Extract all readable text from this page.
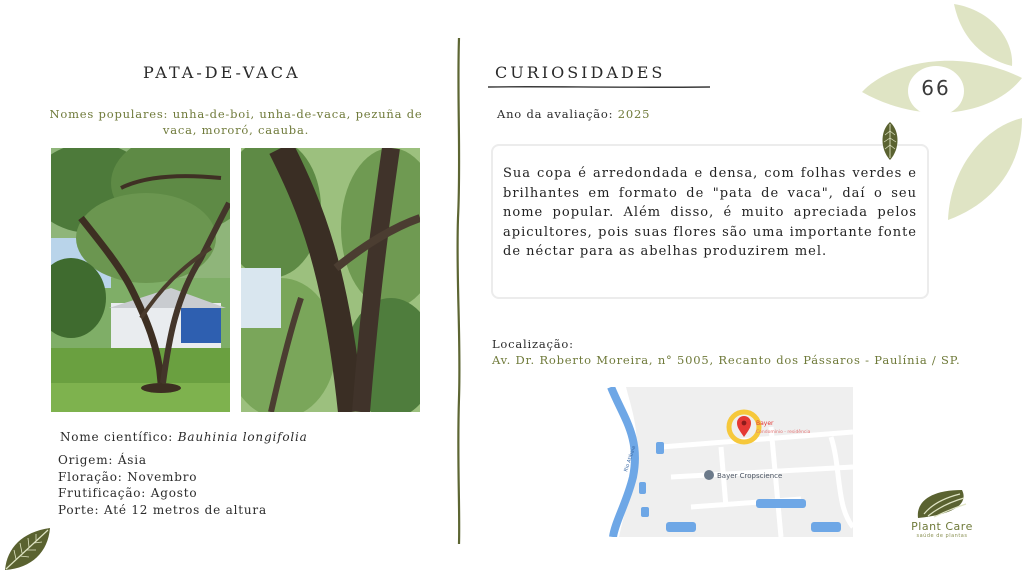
PATA-DE-VACA
Nomes populares: unha-de-boi, unha-de-vaca, pezuña de vaca, mororó, caauba.
Nome científico: Bauhinia longifolia
Origem: Ásia
Floração: Novembro
Frutificação: Agosto
Porte: Até 12 metros de altura
CURIOSIDADES
Ano da avaliação: 2025
Sua copa é arredondada e densa, com folhas verdes e brilhantes em formato de "pata de vaca", daí o seu nome popular. Além disso, é muito apreciada pelos apicultores, pois suas flores são uma importante fonte de néctar para as abelhas produzirem mel.
Localização:
Av. Dr. Roberto Moreira, n° 5005, Recanto dos Pássaros - Paulínia / SP.
Bayer
Condomínio - residência
Bayer Cropscience
Rio Atibaia
66
Plant Care
saúde de plantas
